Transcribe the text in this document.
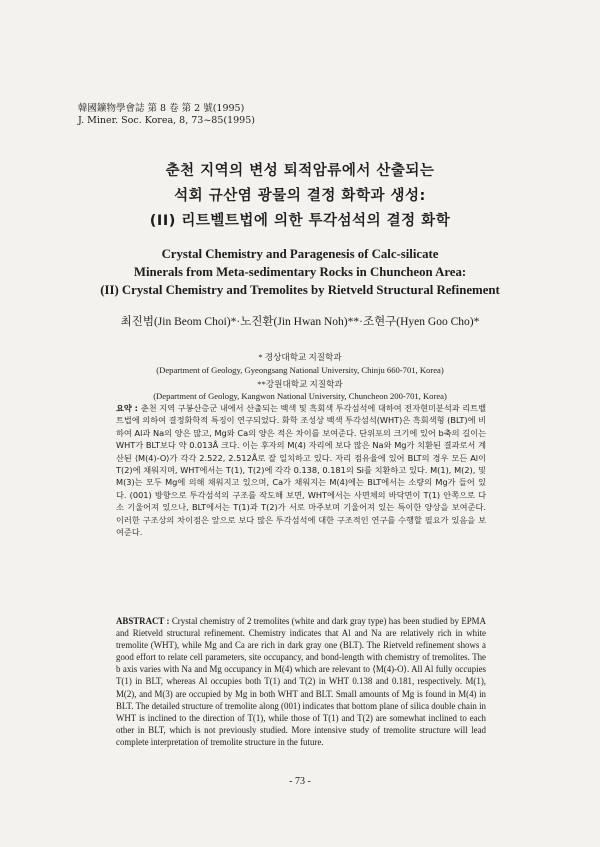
韓國鑛物學會誌 第 8 卷 第 2 號(1995)
J. Miner. Soc. Korea, 8, 73~85(1995)
춘천 지역의 변성 퇴적암류에서 산출되는
석회 규산염 광물의 결정 화학과 생성:
(II) 리트벨트법에 의한 투각섬석의 결정 화학
Crystal Chemistry and Paragenesis of Calc-silicate
Minerals from Meta-sedimentary Rocks in Chuncheon Area:
(II) Crystal Chemistry and Tremolites by Rietveld Structural Refinement
최진범(Jin Beom Choi)*·노진환(Jin Hwan Noh)**·조현구(Hyen Goo Cho)*
* 경상대학교 지질학과
(Department of Geology, Gyeongsang National University, Chinju 660-701, Korea)
**강원대학교 지질학과
(Department of Geology, Kangwon National University, Chuncheon 200-701, Korea)
요약 : 춘천 지역 구봉산층군 내에서 산출되는 백색 및 흑회색 투각섬석에 대하여 전자현미분석과 리트벨트법에 의하여 결정화학적 특징이 연구되었다. 화학 조성상 백색 투각섬석(WHT)은 흑회색형 (BLT)에 비하여 Al과 Na의 양은 많고, Mg와 Ca의 양은 적은 차이를 보여준다. 단위포의 크기에 있어 b축의 길이는 WHT가 BLT보다 약 0.013Å 크다. 이는 후자의 M(4) 자리에 보다 많은 Na와 Mg가 치환된 결과로서 계산된 ⟨M(4)-O⟩가 각각 2.522, 2.512Å로 잘 일치하고 있다. 자리 점유율에 있어 BLT의 경우 모든 Al이 T(2)에 채워지며, WHT에서는 T(1), T(2)에 각각 0.138, 0.181의 Si를 치환하고 있다. M(1), M(2), 및 M(3)는 모두 Mg에 의해 채워지고 있으며, Ca가 채워지는 M(4)에는 BLT에서는 소량의 Mg가 들어 있다. (001) 방향으로 투각섬석의 구조를 작도해 보면, WHT에서는 사면체의 바닥면이 T(1) 안쪽으로 다소 기울어져 있으나, BLT에서는 T(1)과 T(2)가 서로 마주보며 기울어져 있는 특이한 양상을 보여준다. 이러한 구조상의 차이점은 앞으로 보다 많은 투각섬석에 대한 구조적인 연구를 수행할 필요가 있음을 보여준다.
ABSTRACT : Crystal chemistry of 2 tremolites (white and dark gray type) has been studied by EPMA and Rietveld structural refinement. Chemistry indicates that Al and Na are relatively rich in white tremolite (WHT), while Mg and Ca are rich in dark gray one (BLT). The Rietveld refinement shows a good effort to relate cell parameters, site occupancy, and bond-length with chemistry of tremolites. The b axis varies with Na and Mg occupancy in M(4) which are relevant to ⟨M(4)-O⟩. All Al fully occupies T(1) in BLT, whereas Al occupies both T(1) and T(2) in WHT 0.138 and 0.181, respectively. M(1), M(2), and M(3) are occupied by Mg in both WHT and BLT. Small amounts of Mg is found in M(4) in BLT. The detailed structure of tremolite along (001) indicates that bottom plane of silica double chain in WHT is inclined to the direction of T(1), while those of T(1) and T(2) are somewhat inclined to each other in BLT, which is not previously studied. More intensive study of tremolite structure will lead complete interpretation of tremolite structure in the future.
- 73 -
